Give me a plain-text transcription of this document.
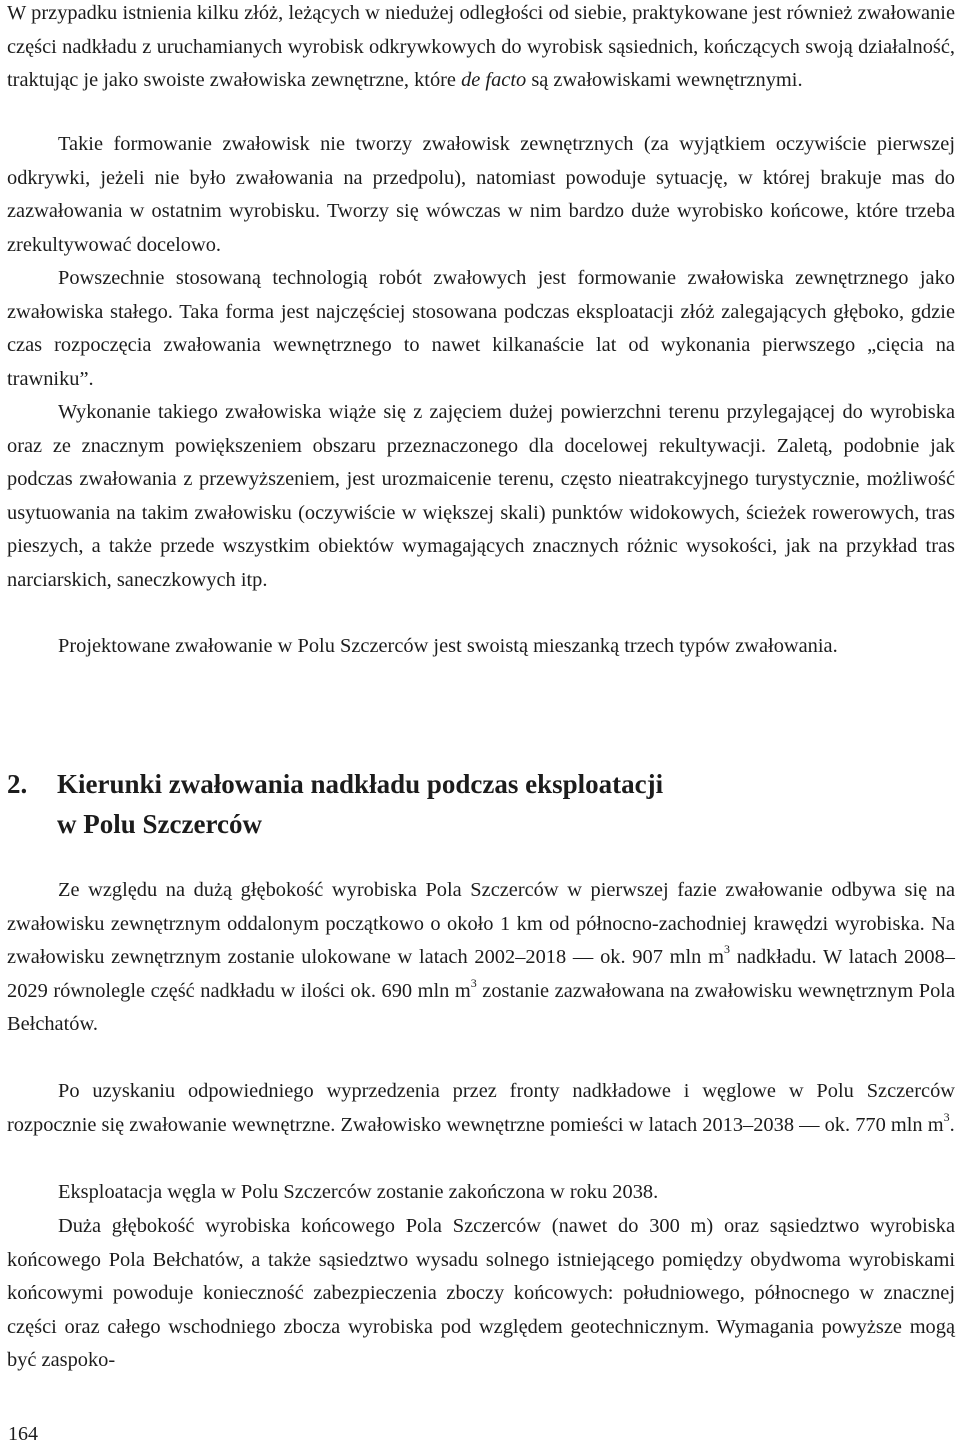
W przypadku istnienia kilku złóż, leżących w niedużej odległości od siebie, praktykowane jest również zwałowanie części nadkładu z uruchamianych wyrobisk odkrywkowych do wyrobisk sąsiednich, kończących swoją działalność, traktując je jako swoiste zwałowiska zewnętrzne, które de facto są zwałowiskami wewnętrznymi.

Takie formowanie zwałowisk nie tworzy zwałowisk zewnętrznych (za wyjątkiem oczywiście pierwszej odkrywki, jeżeli nie było zwałowania na przedpolu), natomiast powoduje sytuację, w której brakuje mas do zazwałowania w ostatnim wyrobisku. Tworzy się wówczas w nim bardzo duże wyrobisko końcowe, które trzeba zrekultywować docelowo.

Powszechnie stosowaną technologią robót zwałowych jest formowanie zwałowiska zewnętrznego jako zwałowiska stałego. Taka forma jest najczęściej stosowana podczas eksploatacji złóż zalegających głęboko, gdzie czas rozpoczęcia zwałowania wewnętrznego to nawet kilkanaście lat od wykonania pierwszego „cięcia na trawniku”.

Wykonanie takiego zwałowiska wiąże się z zajęciem dużej powierzchni terenu przylegającej do wyrobiska oraz ze znacznym powiększeniem obszaru przeznaczonego dla docelowej rekultywacji. Zaletą, podobnie jak podczas zwałowania z przewyższeniem, jest urozmaicenie terenu, często nieatrakcyjnego turystycznie, możliwość usytuowania na takim zwałowisku (oczywiście w większej skali) punktów widokowych, ścieżek rowerowych, tras pieszych, a także przede wszystkim obiektów wymagających znacznych różnic wysokości, jak na przykład tras narciarskich, saneczkowych itp.

Projektowane zwałowanie w Polu Szczerców jest swoistą mieszanką trzech typów zwałowania.

2. Kierunki zwałowania nadkładu podczas eksploatacji
w Polu Szczerców

Ze względu na dużą głębokość wyrobiska Pola Szczerców w pierwszej fazie zwałowanie odbywa się na zwałowisku zewnętrznym oddalonym początkowo o około 1 km od północno-zachodniej krawędzi wyrobiska. Na zwałowisku zewnętrznym zostanie ulokowane w latach 2002–2018 — ok. 907 mln $m^3$ nadkładu. W latach 2008–2029 równolegle część nadkładu w ilości ok. 690 mln $m^3$ zostanie zazwałowana na zwałowisku wewnętrznym Pola Bełchatów.

Po uzyskaniu odpowiedniego wyprzedzenia przez fronty nadkładowe i węglowe w Polu Szczerców rozpocznie się zwałowanie wewnętrzne. Zwałowisko wewnętrzne pomieści w latach 2013–2038 — ok. 770 mln $m^3$.

Eksploatacja węgla w Polu Szczerców zostanie zakończona w roku 2038.

Duża głębokość wyrobiska końcowego Pola Szczerców (nawet do 300 m) oraz sąsiedztwo wyrobiska końcowego Pola Bełchatów, a także sąsiedztwo wysadu solnego istniejącego pomiędzy obydwoma wyrobiskami końcowymi powoduje konieczność zabezpieczenia zboczy końcowych: południowego, północnego w znacznej części oraz całego wschodniego zbocza wyrobiska pod względem geotechnicznym. Wymagania powyższe mogą być zaspoko-

164
